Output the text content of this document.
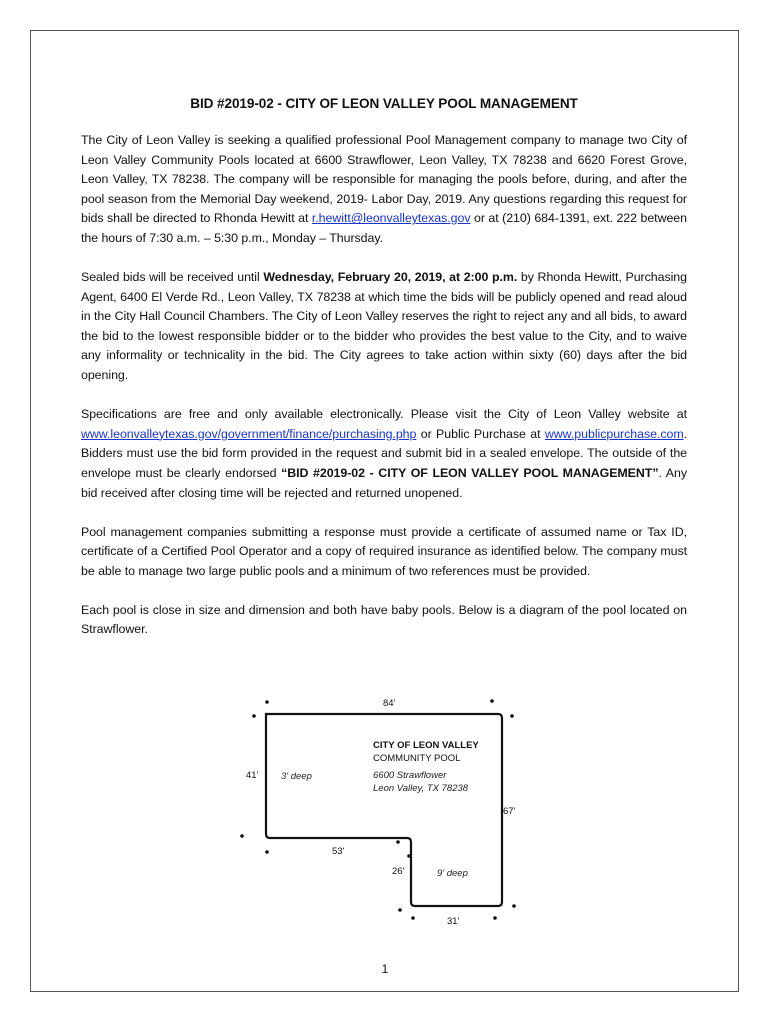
BID #2019-02 - CITY OF LEON VALLEY POOL MANAGEMENT

The City of Leon Valley is seeking a qualified professional Pool Management company to manage two City of Leon Valley Community Pools located at 6600 Strawflower, Leon Valley, TX 78238 and 6620 Forest Grove, Leon Valley, TX 78238. The company will be responsible for managing the pools before, during, and after the pool season from the Memorial Day weekend, 2019- Labor Day, 2019. Any questions regarding this request for bids shall be directed to Rhonda Hewitt at r.hewitt@leonvalleytexas.gov or at (210) 684-1391, ext. 222 between the hours of 7:30 a.m. – 5:30 p.m., Monday – Thursday.

Sealed bids will be received until Wednesday, February 20, 2019, at 2:00 p.m. by Rhonda Hewitt, Purchasing Agent, 6400 El Verde Rd., Leon Valley, TX 78238 at which time the bids will be publicly opened and read aloud in the City Hall Council Chambers. The City of Leon Valley reserves the right to reject any and all bids, to award the bid to the lowest responsible bidder or to the bidder who provides the best value to the City, and to waive any informality or technicality in the bid. The City agrees to take action within sixty (60) days after the bid opening.

Specifications are free and only available electronically. Please visit the City of Leon Valley website at www.leonvalleytexas.gov/government/finance/purchasing.php or Public Purchase at www.publicpurchase.com. Bidders must use the bid form provided in the request and submit bid in a sealed envelope. The outside of the envelope must be clearly endorsed “BID #2019-02 - CITY OF LEON VALLEY POOL MANAGEMENT”. Any bid received after closing time will be rejected and returned unopened.

Pool management companies submitting a response must provide a certificate of assumed name or Tax ID, certificate of a Certified Pool Operator and a copy of required insurance as identified below. The company must be able to manage two large public pools and a minimum of two references must be provided.

Each pool is close in size and dimension and both have baby pools. Below is a diagram of the pool located on Strawflower.

84'
41'
67'
53'
26'
31'
3' deep
9' deep
CITY OF LEON VALLEY
COMMUNITY POOL
6600 Strawflower
Leon Valley, TX 78238
1
